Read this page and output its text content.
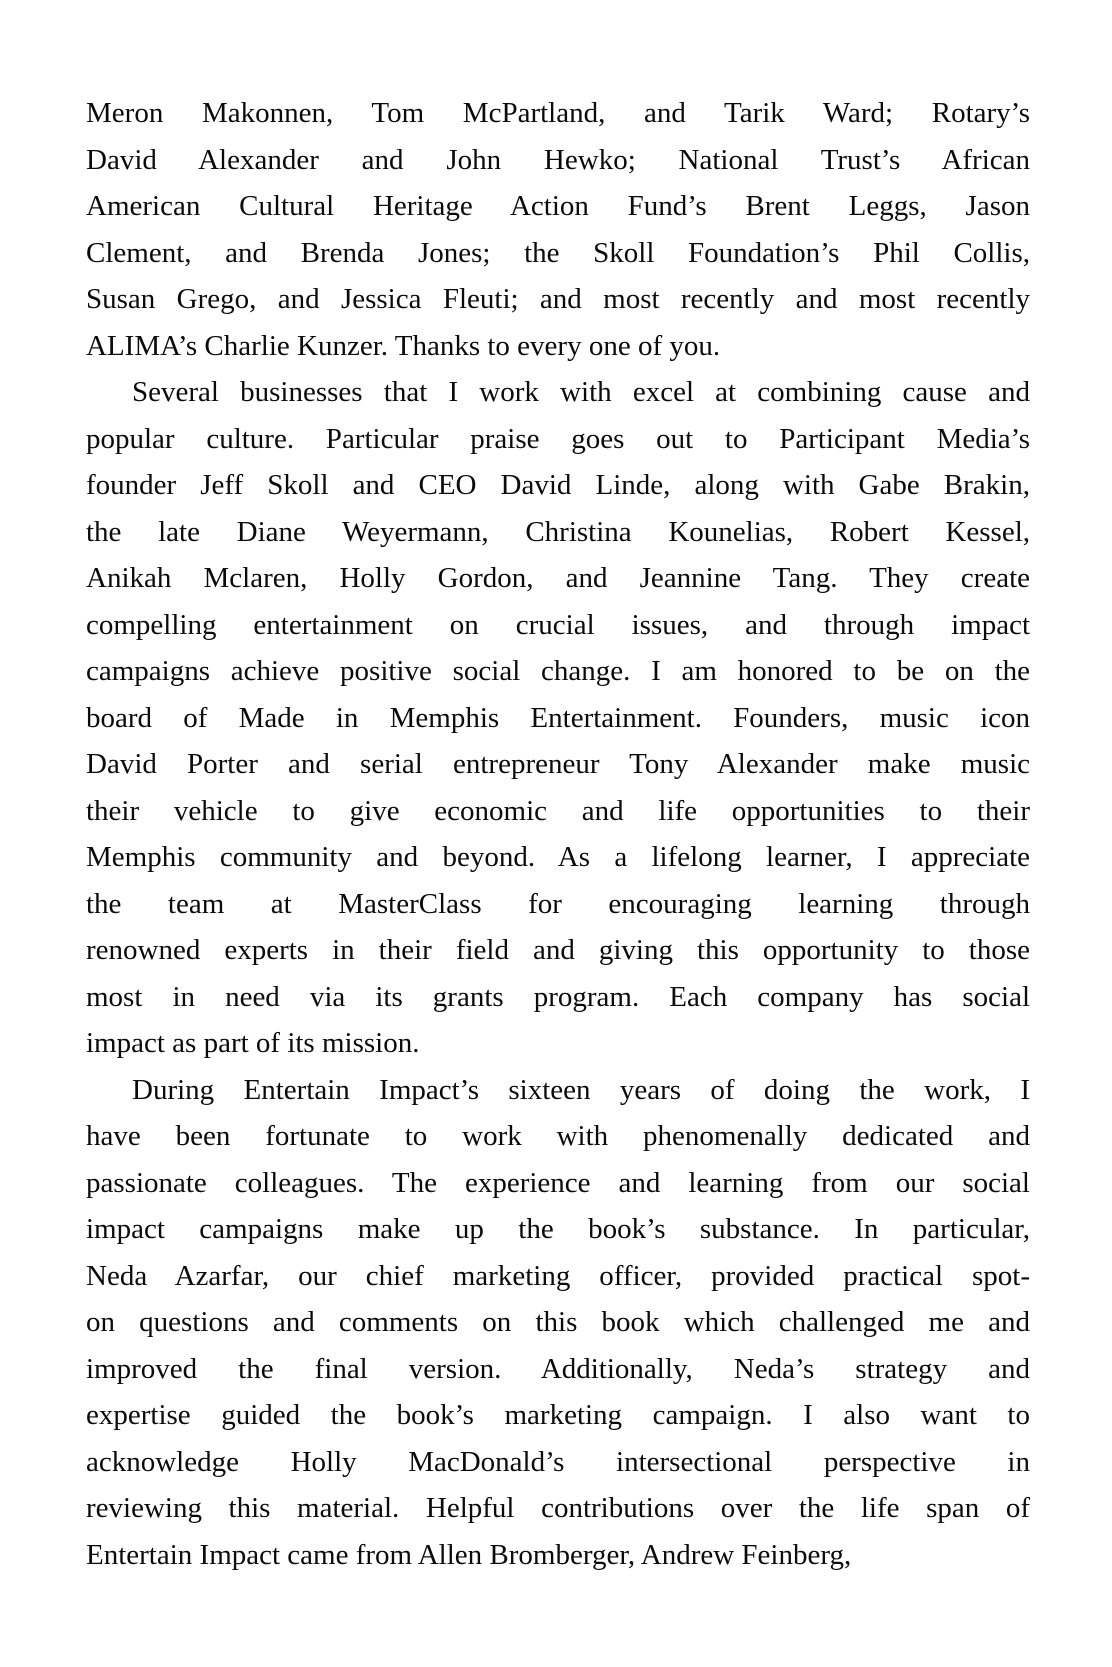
Meron Makonnen, Tom McPartland, and Tarik Ward; Rotary’s
David Alexander and John Hewko; National Trust’s African
American Cultural Heritage Action Fund’s Brent Leggs, Jason
Clement, and Brenda Jones; the Skoll Foundation’s Phil Collis,
Susan Grego, and Jessica Fleuti; and most recently and most recently
ALIMA’s Charlie Kunzer. Thanks to every one of you.
Several businesses that I work with excel at combining cause and
popular culture. Particular praise goes out to Participant Media’s
founder Jeff Skoll and CEO David Linde, along with Gabe Brakin,
the late Diane Weyermann, Christina Kounelias, Robert Kessel,
Anikah Mclaren, Holly Gordon, and Jeannine Tang. They create
compelling entertainment on crucial issues, and through impact
campaigns achieve positive social change. I am honored to be on the
board of Made in Memphis Entertainment. Founders, music icon
David Porter and serial entrepreneur Tony Alexander make music
their vehicle to give economic and life opportunities to their
Memphis community and beyond. As a lifelong learner, I appreciate
the team at MasterClass for encouraging learning through
renowned experts in their field and giving this opportunity to those
most in need via its grants program. Each company has social
impact as part of its mission.
During Entertain Impact’s sixteen years of doing the work, I
have been fortunate to work with phenomenally dedicated and
passionate colleagues. The experience and learning from our social
impact campaigns make up the book’s substance. In particular,
Neda Azarfar, our chief marketing officer, provided practical spot-
on questions and comments on this book which challenged me and
improved the final version. Additionally, Neda’s strategy and
expertise guided the book’s marketing campaign. I also want to
acknowledge Holly MacDonald’s intersectional perspective in
reviewing this material. Helpful contributions over the life span of
Entertain Impact came from Allen Bromberger, Andrew Feinberg,
